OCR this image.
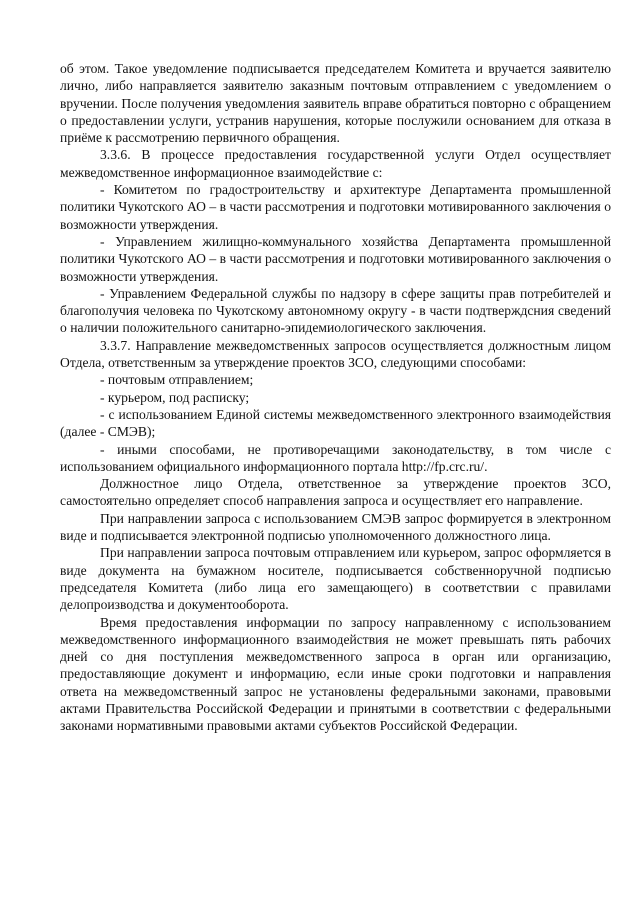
об этом. Такое уведомление подписывается председателем Комитета и вручается заявителю лично, либо направляется заявителю заказным почтовым отправлением с уведомлением о вручении. После получения уведомления заявитель вправе обратиться повторно с обращением о предоставлении услуги, устранив нарушения, которые послужили основанием для отказа в приёме к рассмотрению первичного обращения.

3.3.6. В процессе предоставления государственной услуги Отдел осуществляет межведомственное информационное взаимодействие с:

- Комитетом по градостроительству и архитектуре Департамента промышленной политики Чукотского АО – в части рассмотрения и подготовки мотивированного заключения о возможности утверждения.

- Управлением жилищно-коммунального хозяйства Департамента промышленной политики Чукотского АО – в части рассмотрения и подготовки мотивированного заключения о возможности утверждения.

- Управлением Федеральной службы по надзору в сфере защиты прав потребителей и благополучия человека по Чукотскому автономному округу - в части подтверждсния сведений о наличии положительного санитарно-эпидемиологического заключения.

3.3.7. Направление межведомственных запросов осуществляется должностным лицом Отдела, ответственным за утверждение проектов ЗСО, следующими способами:

- почтовым отправлением;

- курьером, под расписку;

- с использованием Единой системы межведомственного электронного взаимодействия (далее - СМЭВ);

- иными способами, не противоречащими законодательству, в том числе с использованием официального информационного портала http://fp.crc.ru/.

Должностное лицо Отдела, ответственное за утверждение проектов ЗСО, самостоятельно определяет способ направления запроса и осуществляет его направление.

При направлении запроса с использованием СМЭВ запрос формируется в электронном виде и подписывается электронной подписью уполномоченного должностного лица.

При направлении запроса почтовым отправлением или курьером, запрос оформляется в виде документа на бумажном носителе, подписывается собственноручной подписью председателя Комитета (либо лица его замещающего) в соответствии с правилами делопроизводства и документооборота.

Время предоставления информации по запросу направленному с использованием межведомственного информационного взаимодействия не может превышать пять рабочих дней со дня поступления межведомственного запроса в орган или организацию, предоставляющие документ и информацию, если иные сроки подготовки и направления ответа на межведомственный запрос не установлены федеральными законами, правовыми актами Правительства Российской Федерации и принятыми в соответствии с федеральными законами нормативными правовыми актами субъектов Российской Федерации.
